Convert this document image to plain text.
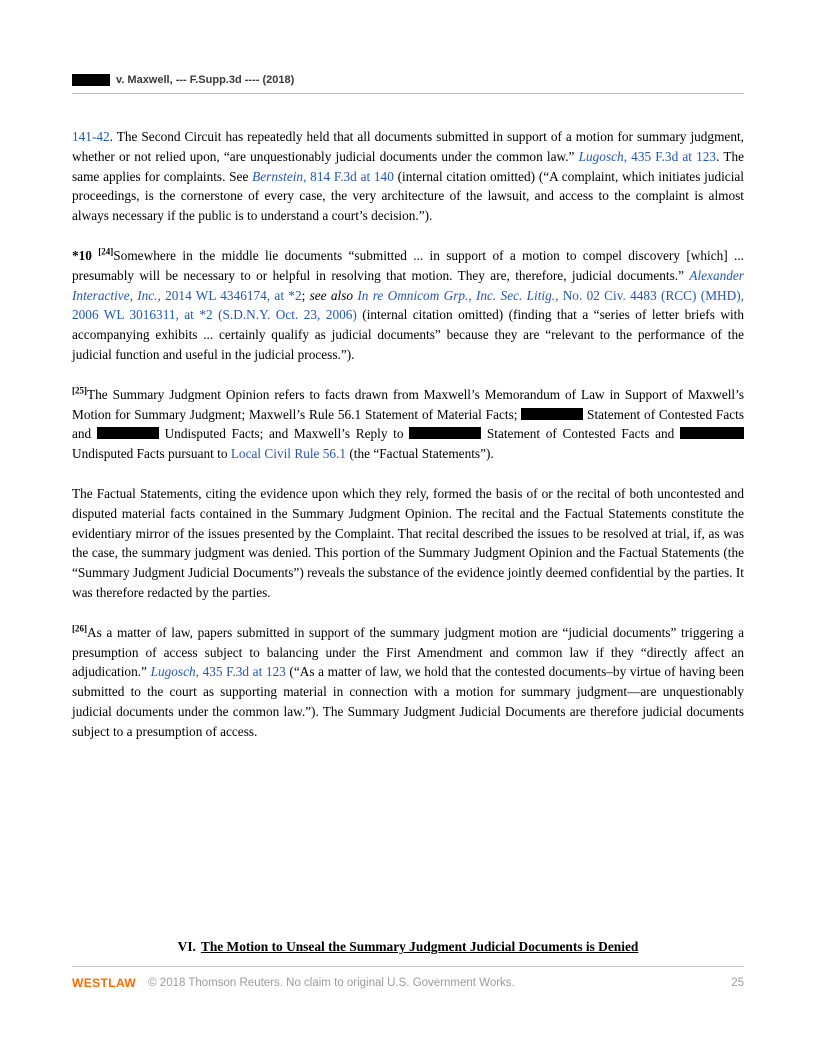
v. Maxwell, --- F.Supp.3d ---- (2018)

141-42. The Second Circuit has repeatedly held that all documents submitted in support of a motion for summary judgment, whether or not relied upon, “are unquestionably judicial documents under the common law.” Lugosch, 435 F.3d at 123. The same applies for complaints. See Bernstein, 814 F.3d at 140 (internal citation omitted) (“A complaint, which initiates judicial proceedings, is the cornerstone of every case, the very architecture of the lawsuit, and access to the complaint is almost always necessary if the public is to understand a court’s decision.”).

*10 [24]Somewhere in the middle lie documents “submitted ... in support of a motion to compel discovery [which] ... presumably will be necessary to or helpful in resolving that motion. They are, therefore, judicial documents.” Alexander Interactive, Inc., 2014 WL 4346174, at *2; see also In re Omnicom Grp., Inc. Sec. Litig., No. 02 Civ. 4483 (RCC) (MHD), 2006 WL 3016311, at *2 (S.D.N.Y. Oct. 23, 2006) (internal citation omitted) (finding that a “series of letter briefs with accompanying exhibits ... certainly qualify as judicial documents” because they are “relevant to the performance of the judicial function and useful in the judicial process.”).

[25]The Summary Judgment Opinion refers to facts drawn from Maxwell’s Memorandum of Law in Support of Maxwell’s Motion for Summary Judgment; Maxwell’s Rule 56.1 Statement of Material Facts;	Statement of Contested Facts and	Undisputed Facts; and Maxwell’s Reply to	Statement of Contested Facts and  Undisputed Facts pursuant to Local Civil Rule 56.1 (the “Factual Statements”).

The Factual Statements, citing the evidence upon which they rely, formed the basis of or the recital of both uncontested and disputed material facts contained in the Summary Judgment Opinion. The recital and the Factual Statements constitute the evidentiary mirror of the issues presented by the Complaint. That recital described the issues to be resolved at trial, if, as was the case, the summary judgment was denied. This portion of the Summary Judgment Opinion and the Factual Statements (the “Summary Judgment Judicial Documents”) reveals the substance of the evidence jointly deemed confidential by the parties. It was therefore redacted by the parties.

[26]As a matter of law, papers submitted in support of the summary judgment motion are “judicial documents” triggering a presumption of access subject to balancing under the First Amendment and common law if they “directly affect an adjudication.” Lugosch, 435 F.3d at 123 (“As a matter of law, we hold that the contested documents–by virtue of having been submitted to the court as supporting material in connection with a motion for summary judgment—are unquestionably judicial documents under the common law.”). The Summary Judgment Judicial Documents are therefore judicial documents subject to a presumption of access.

VI. The Motion to Unseal the Summary Judgment Judicial Documents is Denied
WESTLAW © 2018 Thomson Reuters. No claim to original U.S. Government Works.	25
